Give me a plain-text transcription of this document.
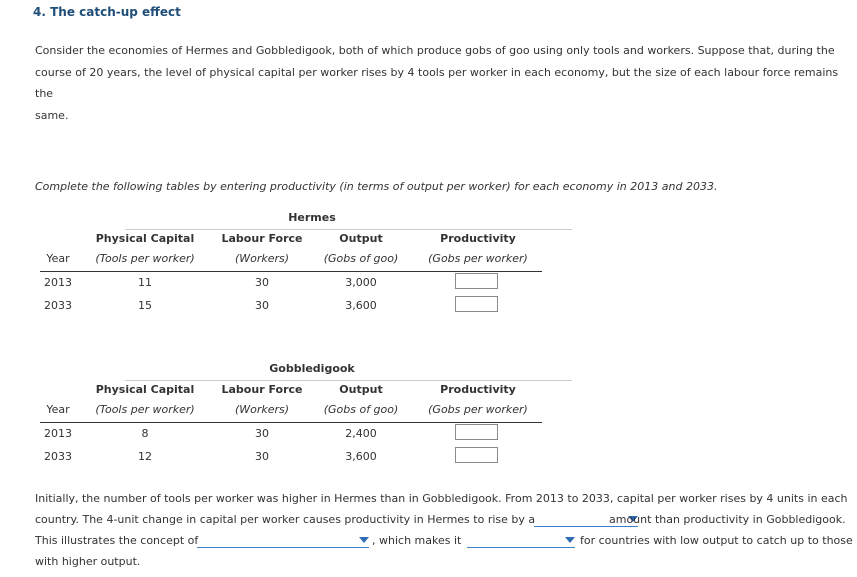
4. The catch-up effect
Consider the economies of Hermes and Gobbledigook, both of which produce gobs of goo using only tools and workers. Suppose that, during the
course of 20 years, the level of physical capital per worker rises by 4 tools per worker in each economy, but the size of each labour force remains the
same.
Complete the following tables by entering productivity (in terms of output per worker) for each economy in 2013 and 2033.
Hermes
Physical Capital	Labour Force	Output	Productivity
Year	(Tools per worker)	(Workers)	(Gobs of goo)	(Gobs per worker)
2013	11	30	3,000
2033	15	30	3,600
Gobbledigook
Physical Capital	Labour Force	Output	Productivity
Year	(Tools per worker)	(Workers)	(Gobs of goo)	(Gobs per worker)
2013	8	30	2,400
2033	12	30	3,600
Initially, the number of tools per worker was higher in Hermes than in Gobbledigook. From 2013 to 2033, capital per worker rises by 4 units in each
country. The 4-unit change in capital per worker causes productivity in Hermes to rise by a	amount than productivity in Gobbledigook.
This illustrates the concept of	, which makes it	for countries with low output to catch up to those
with higher output.
